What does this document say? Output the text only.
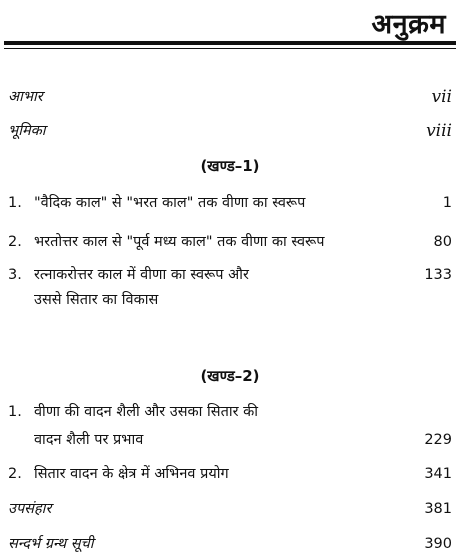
अनुक्रम
आभार	vii
भूमिका	viii
(खण्ड–1)
1. "वैदिक काल" से "भरत काल" तक वीणा का स्वरूप	1
2. भरतोत्तर काल से "पूर्व मध्य काल" तक वीणा का स्वरूप	80
3. रत्नाकरोत्तर काल में वीणा का स्वरूप और	133
उससे सितार का विकास
(खण्ड–2)
1. वीणा की वादन शैली और उसका सितार की
वादन शैली पर प्रभाव	229
2. सितार वादन के क्षेत्र में अभिनव प्रयोग	341
उपसंहार	381
सन्दर्भ ग्रन्थ सूची	390
